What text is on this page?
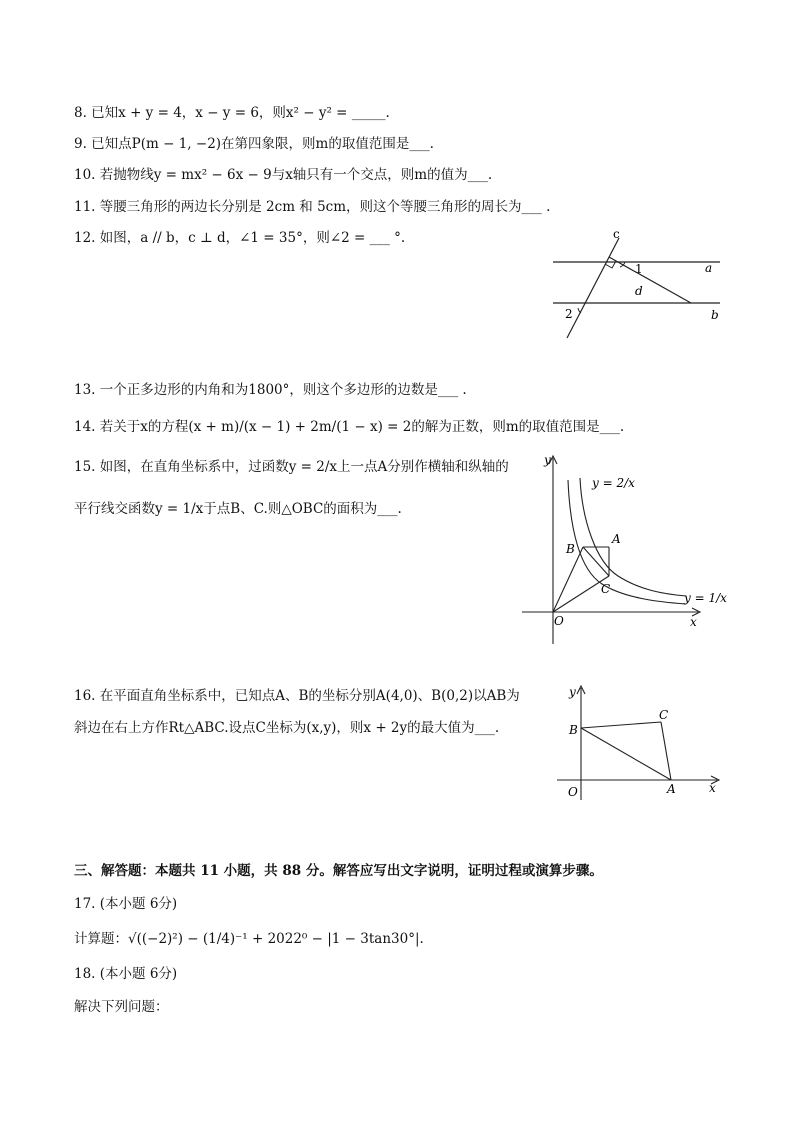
8. 已知x + y = 4，x − y = 6，则x² − y² = _____.
9. 已知点P(m − 1, −2)在第四象限，则m的取值范围是___.
10. 若抛物线y = mx² − 6x − 9与x轴只有一个交点，则m的值为___.
11. 等腰三角形的两边长分别是 2cm 和 5cm，则这个等腰三角形的周长为___ .
12. 如图，a // b，c ⊥ d，∠1 = 35°，则∠2 = ___ °.	c
a
b
d
1
2
13. 一个正多边形的内角和为1800°，则这个多边形的边数是___ .
14. 若关于x的方程(x + m)/(x − 1) + 2m/(1 − x) = 2的解为正数，则m的取值范围是___.
15. 如图，在直角坐标系中，过函数y = 2/x上一点A分别作横轴和纵轴的
平行线交函数y = 1/x于点B、C.则△OBC的面积为___.
y
x
O
A
B
C
y = 2/x
y = 1/x
16. 在平面直角坐标系中，已知点A、B的坐标分别A(4,0)、B(0,2)以AB为
斜边在右上方作Rt△ABC.设点C坐标为(x,y)，则x + 2y的最大值为___.
y
x
O	A
B
C
三、解答题：本题共 11 小题，共 88 分。解答应写出文字说明，证明过程或演算步骤。
17. (本小题 6分)
计算题：√((−2)²) − (1/4)⁻¹ + 2022⁰ − |1 − 3tan30°|.
18. (本小题 6分)
解决下列问题：
